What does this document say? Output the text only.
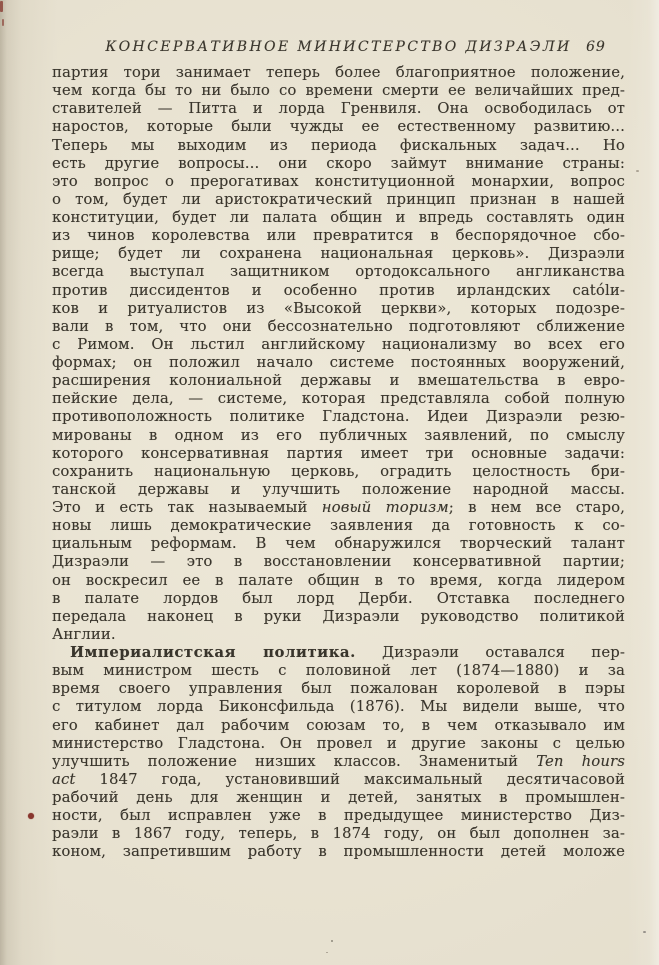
КОНСЕРВАТИВНОЕ МИНИСТЕРСТВО ДИЗРАЭЛИ 69
партия тори занимает теперь более благоприятное положение,
чем когда бы то ни было со времени смерти ее величайших пред-
ставителей — Питта и лорда Гренвиля. Она освободилась от
наростов, которые были чужды ее естественному развитию...
Теперь мы выходим из периода фискальных задач... Но
есть другие вопросы... они скоро займут внимание страны:
это вопрос о прерогативах конституционной монархии, вопрос
о том, будет ли аристократический принцип признан в нашей
конституции, будет ли палата общин и впредь составлять один
из чинов королевства или превратится в беспорядочное сбо-
рище; будет ли сохранена национальная церковь». Дизраэли
всегда выступал защитником ортодоксального англиканства
против диссидентов и особенно против ирландских católи-
ков и ритуалистов из «Высокой церкви», которых подозре-
вали в том, что они бессознательно подготовляют сближение
с Римом. Он льстил английскому национализму во всех его
формах; он положил начало системе постоянных вооружений,
расширения колониальной державы и вмешательства в евро-
пейские дела, — системе, которая представляла собой полную
противоположность политике Гладстона. Идеи Дизраэли резю-
мированы в одном из его публичных заявлений, по смыслу
которого консервативная партия имеет три основные задачи:
сохранить национальную церковь, оградить целостность бри-
танской державы и улучшить положение народной массы.
Это и есть так называемый новый торизм; в нем все старо,
новы лишь демократические заявления да готовность к со-
циальным реформам. В чем обнаружился творческий талант
Дизраэли — это в восстановлении консервативной партии;
он воскресил ее в палате общин в то время, когда лидером
в палате лордов был лорд Дерби. Отставка последнего
передала наконец в руки Дизраэли руководство политикой
Англии.
Империалистская политика. Дизраэли оставался пер-
вым министром шесть с половиной лет (1874—1880) и за
время своего управления был пожалован королевой в пэры
с титулом лорда Биконсфильда (1876). Мы видели выше, что
его кабинет дал рабочим союзам то, в чем отказывало им
министерство Гладстона. Он провел и другие законы с целью
улучшить положение низших классов. Знаменитый Ten hours
act 1847 года, установивший максимальный десятичасовой
рабочий день для женщин и детей, занятых в промышлен-
ности, был исправлен уже в предыдущее министерство Диз-
раэли в 1867 году, теперь, в 1874 году, он был дополнен за-
коном, запретившим работу в промышленности детей моложе
